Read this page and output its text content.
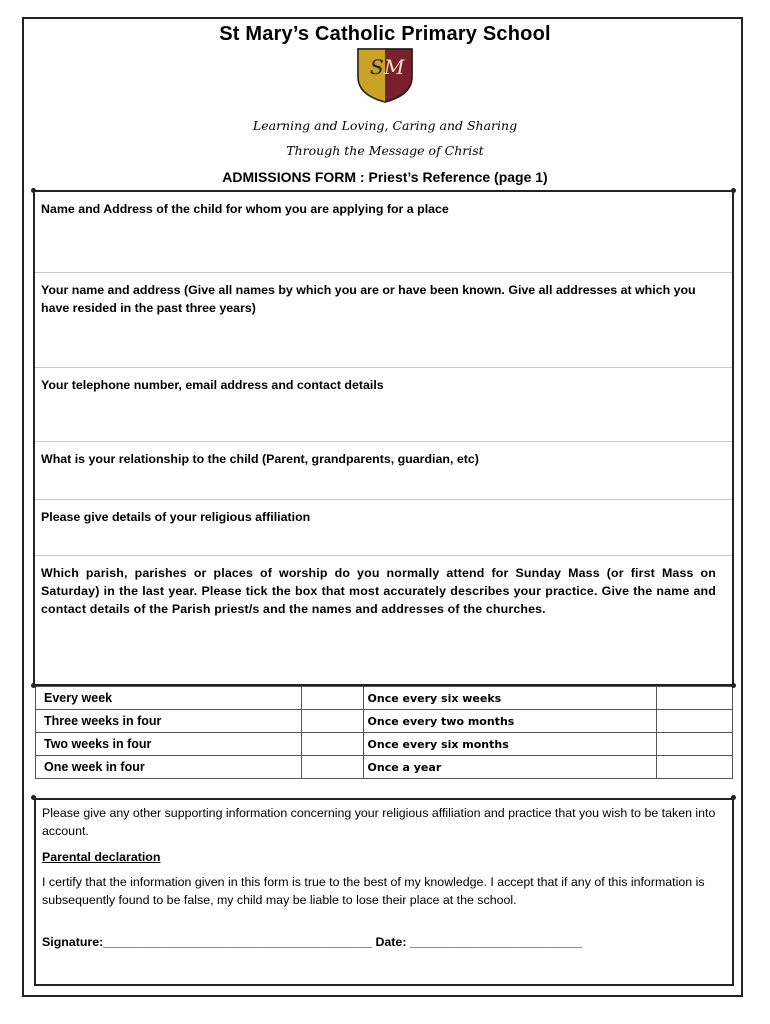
St Mary’s Catholic Primary School
S M
Learning and Loving, Caring and Sharing
Through the Message of Christ
ADMISSIONS FORM : Priest’s Reference (page 1)
Name and Address of the child for whom you are applying for a place
Your name and address (Give all names by which you are or have been known. Give all addresses at which you have resided in the past three years)
Your telephone number, email address and contact details
What is your relationship to the child (Parent, grandparents, guardian, etc)
Please give details of your religious affiliation
Which parish, parishes or places of worship do you normally attend for Sunday Mass (or first Mass on Saturday) in the last year. Please tick the box that most accurately describes your practice. Give the name and contact details of the Parish priest/s and the names and addresses of the churches.
Every week		Once every six weeks	
Three weeks in four		Once every two months	
Two weeks in four		Once every six months	
One week in four		Once a year	

Please give any other supporting information concerning your religious affiliation and practice that you wish to be taken into account.

Parental declaration

I certify that the information given in this form is true to the best of my knowledge. I accept that if any of this information is subsequently found to be false, my child may be liable to lose their place at the school.

Signature:_______________________________________ Date: _________________________
